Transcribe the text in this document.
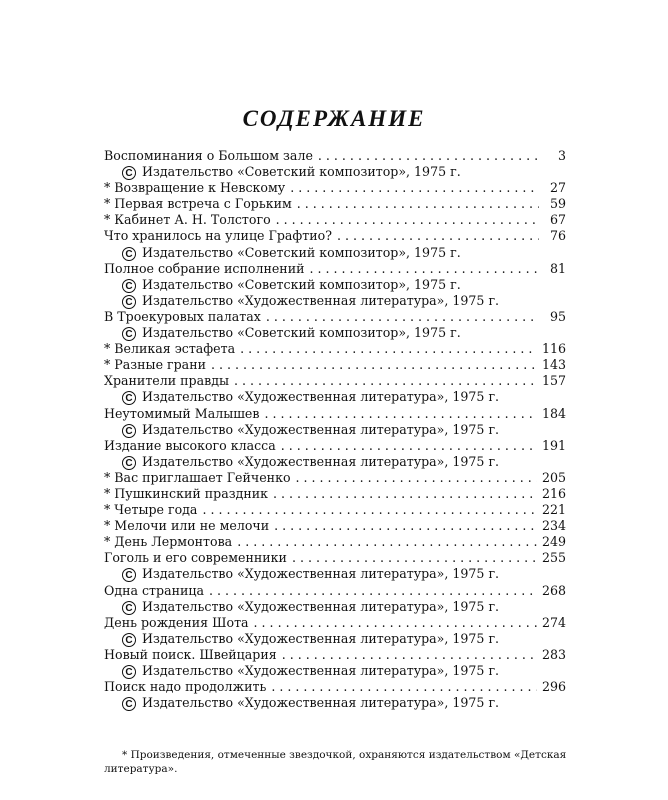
СОДЕРЖАНИЕ
Воспоминания о Большом зале . . .	3
C Издательство «Советский композитор», 1975 г.
* Возвращение к Невскому . . .	27
* Первая встреча с Горьким . . .	59
* Кабинет А. Н. Толстого . . .	67
Что хранилось на улице Графтио? . . .	76
C Издательство «Советский композитор», 1975 г.
Полное собрание исполнений . . .	81
C Издательство «Советский композитор», 1975 г.
C Издательство «Художественная литература», 1975 г.
В Троекуровых палатах . . .	95
C Издательство «Советский композитор», 1975 г.
* Великая эстафета . . .	116
* Разные грани . . .	143
Хранители правды . . .	157
C Издательство «Художественная литература», 1975 г.
Неутомимый Малышев . . .	184
C Издательство «Художественная литература», 1975 г.
Издание высокого класса . . .	191
C Издательство «Художественная литература», 1975 г.
* Вас приглашает Гейченко . . .	205
* Пушкинский праздник . . .	216
* Четыре года . . .	221
* Мелочи или не мелочи . . .	234
* День Лермонтова . . .	249
Гоголь и его современники . . .	255
C Издательство «Художественная литература», 1975 г.
Одна страница . . .	268
C Издательство «Художественная литература», 1975 г.
День рождения Шота . . .	274
C Издательство «Художественная литература», 1975 г.
Новый поиск. Швейцария . . .	283
C Издательство «Художественная литература», 1975 г.
Поиск надо продолжить . . .	296
C Издательство «Художественная литература», 1975 г.
* Произведения, отмеченные звездочкой, охраняются издательством «Детская литература».
